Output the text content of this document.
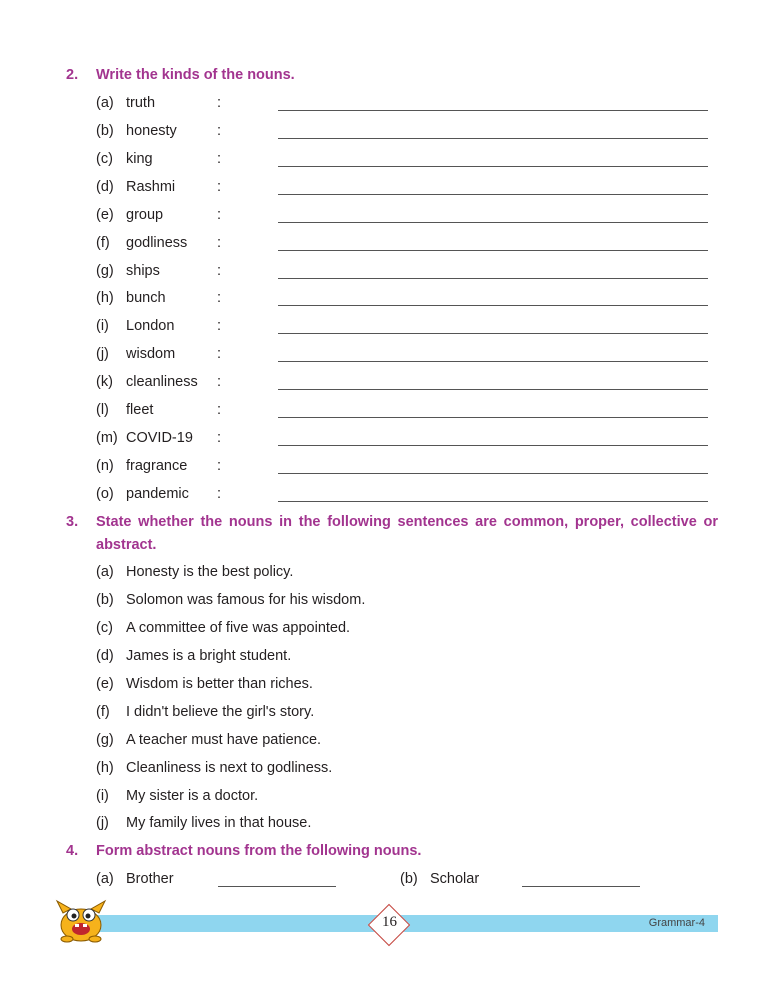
2. Write the kinds of the nouns.
(a) truth	:
(b) honesty	:
(c) king	:
(d) Rashmi	:
(e) group	:
(f) godliness :
(g) ships	:
(h) bunch	:
(i) London	:
(j) wisdom	:
(k) cleanliness :
(l) fleet	:
(m) COVID-19 :
(n) fragrance :
(o) pandemic :
3.	State whether the nouns in the following sentences are common, proper, collective or
abstract.
(a) Honesty is the best policy.
(b) Solomon was famous for his wisdom.
(c) A committee of five was appointed.
(d) James is a bright student.
(e) Wisdom is better than riches.
(f) I didn't believe the girl's story.
(g) A teacher must have patience.
(h) Cleanliness is next to godliness.
(i) My sister is a doctor.
(j) My family lives in that house.
4. Form abstract nouns from the following nouns.
(a) Brother	(b) Scholar
16	Grammar-4
